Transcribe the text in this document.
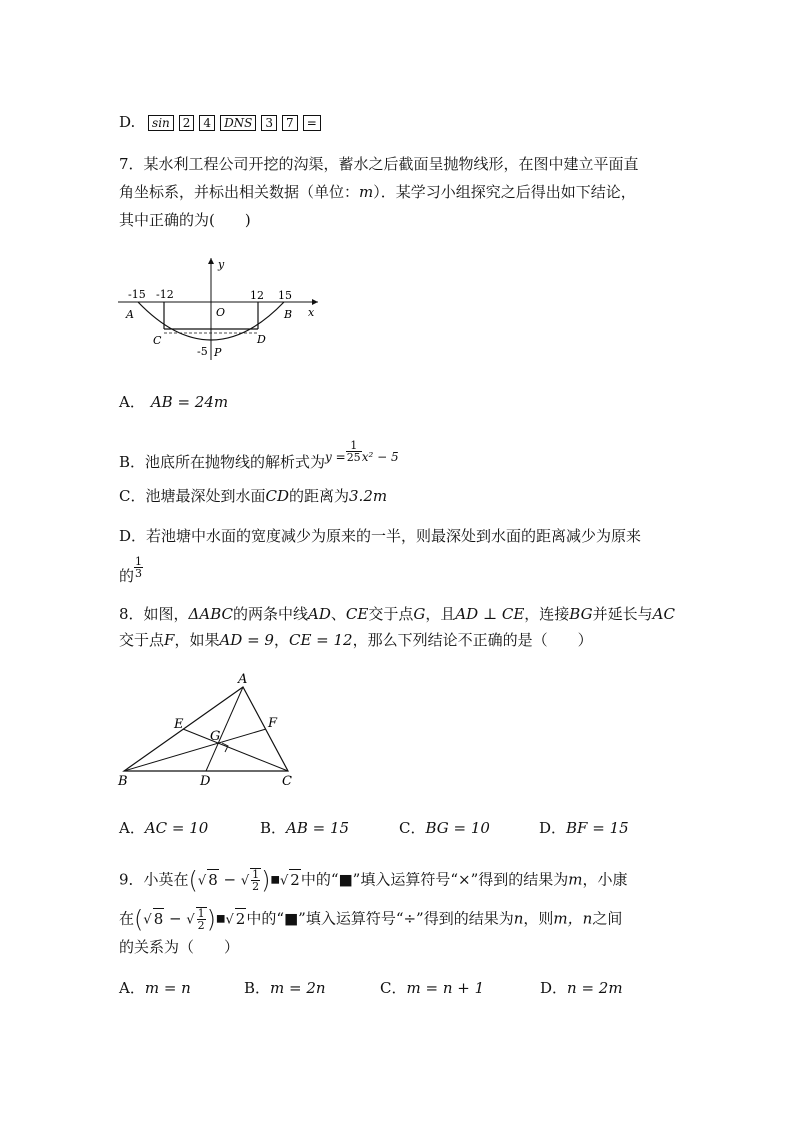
D. sin 2 4 DNS 3 7 =
7．某水利工程公司开挖的沟渠，蓄水之后截面呈抛物线形，在图中建立平面直
角坐标系，并标出相关数据（单位：m）．某学习小组探究之后得出如下结论，
其中正确的为(　　)
y
x
-15 -12	12 15
O
A	B
C	D
-5 P
A． AB = 24m
B．池底所在抛物线的解析式为$^{y =} \frac{1}{25} ^{x^2 - 5}$
C．池塘最深处到水面CD的距离为3.2m
D．若池塘中水面的宽度减少为原来的一半，则最深处到水面的距离减少为原来
的 $\frac{1}{3}$
8．如图，ΔABC的两条中线AD、CE交于点G，且AD ⊥ CE，连接BG并延长与AC
交于点F，如果AD = 9，CE = 12，那么下列结论不正确的是（　　）
A
B	C
D
E	F
G
A．AC = 10	B．AB = 15	C．BG = 10	D．BF = 15
9．小英在(√ 8 − √ $\frac{1}{2}$ )■√ 2中的“■”填入运算符号“×”得到的结果为m，小康
在(√ 8 − √ $\frac{1}{2}$ )■√ 2中的“■”填入运算符号“÷”得到的结果为n，则m，n之间
的关系为（　　）
A．m = n	B．m = 2n	C．m = n + 1	D．n = 2m
